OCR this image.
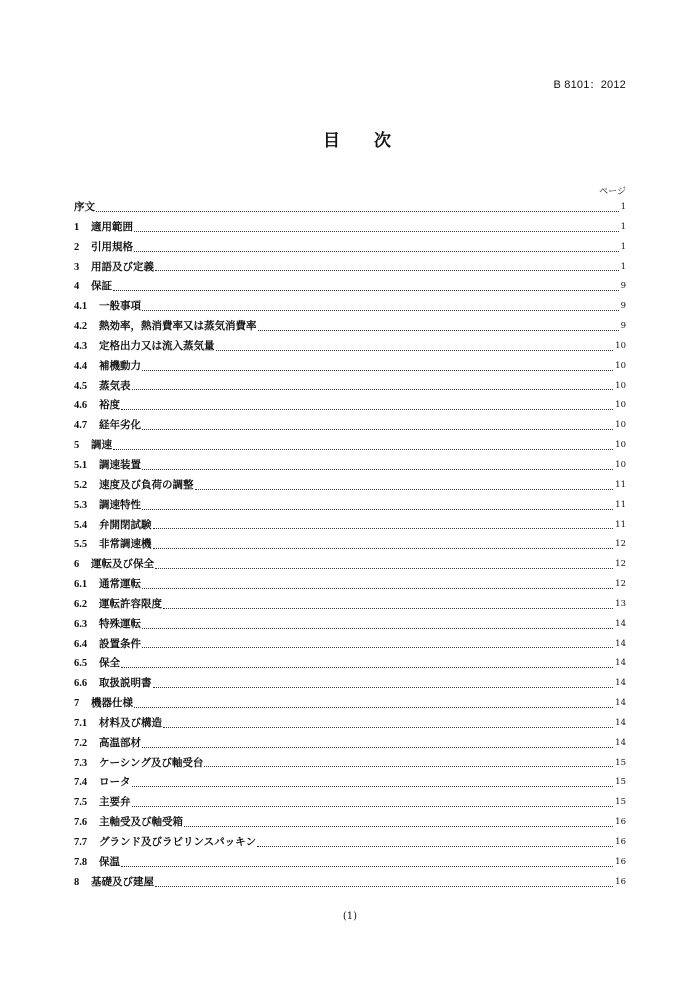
B 8101：2012
目 次
ページ
序文	1
1	適用範囲	1
2	引用規格	1
3	用語及び定義	1
4	保証	9
4.1	一般事項	9
4.2	熱効率，熱消費率又は蒸気消費率	9
4.3	定格出力又は流入蒸気量	10
4.4	補機動力	10
4.5	蒸気表	10
4.6	裕度	10
4.7	経年劣化	10
5	調速	10
5.1	調速装置	10
5.2	速度及び負荷の調整	11
5.3	調速特性	11
5.4	弁開閉試験	11
5.5	非常調速機	12
6	運転及び保全	12
6.1	通常運転	12
6.2	運転許容限度	13
6.3	特殊運転	14
6.4	設置条件	14
6.5	保全	14
6.6	取扱説明書	14
7	機器仕様	14
7.1	材料及び構造	14
7.2	高温部材	14
7.3	ケーシング及び軸受台	15
7.4	ロータ	15
7.5	主要弁	15
7.6	主軸受及び軸受箱	16
7.7	グランド及びラビリンスパッキン	16
7.8	保温	16
8	基礎及び建屋	16
(1)
